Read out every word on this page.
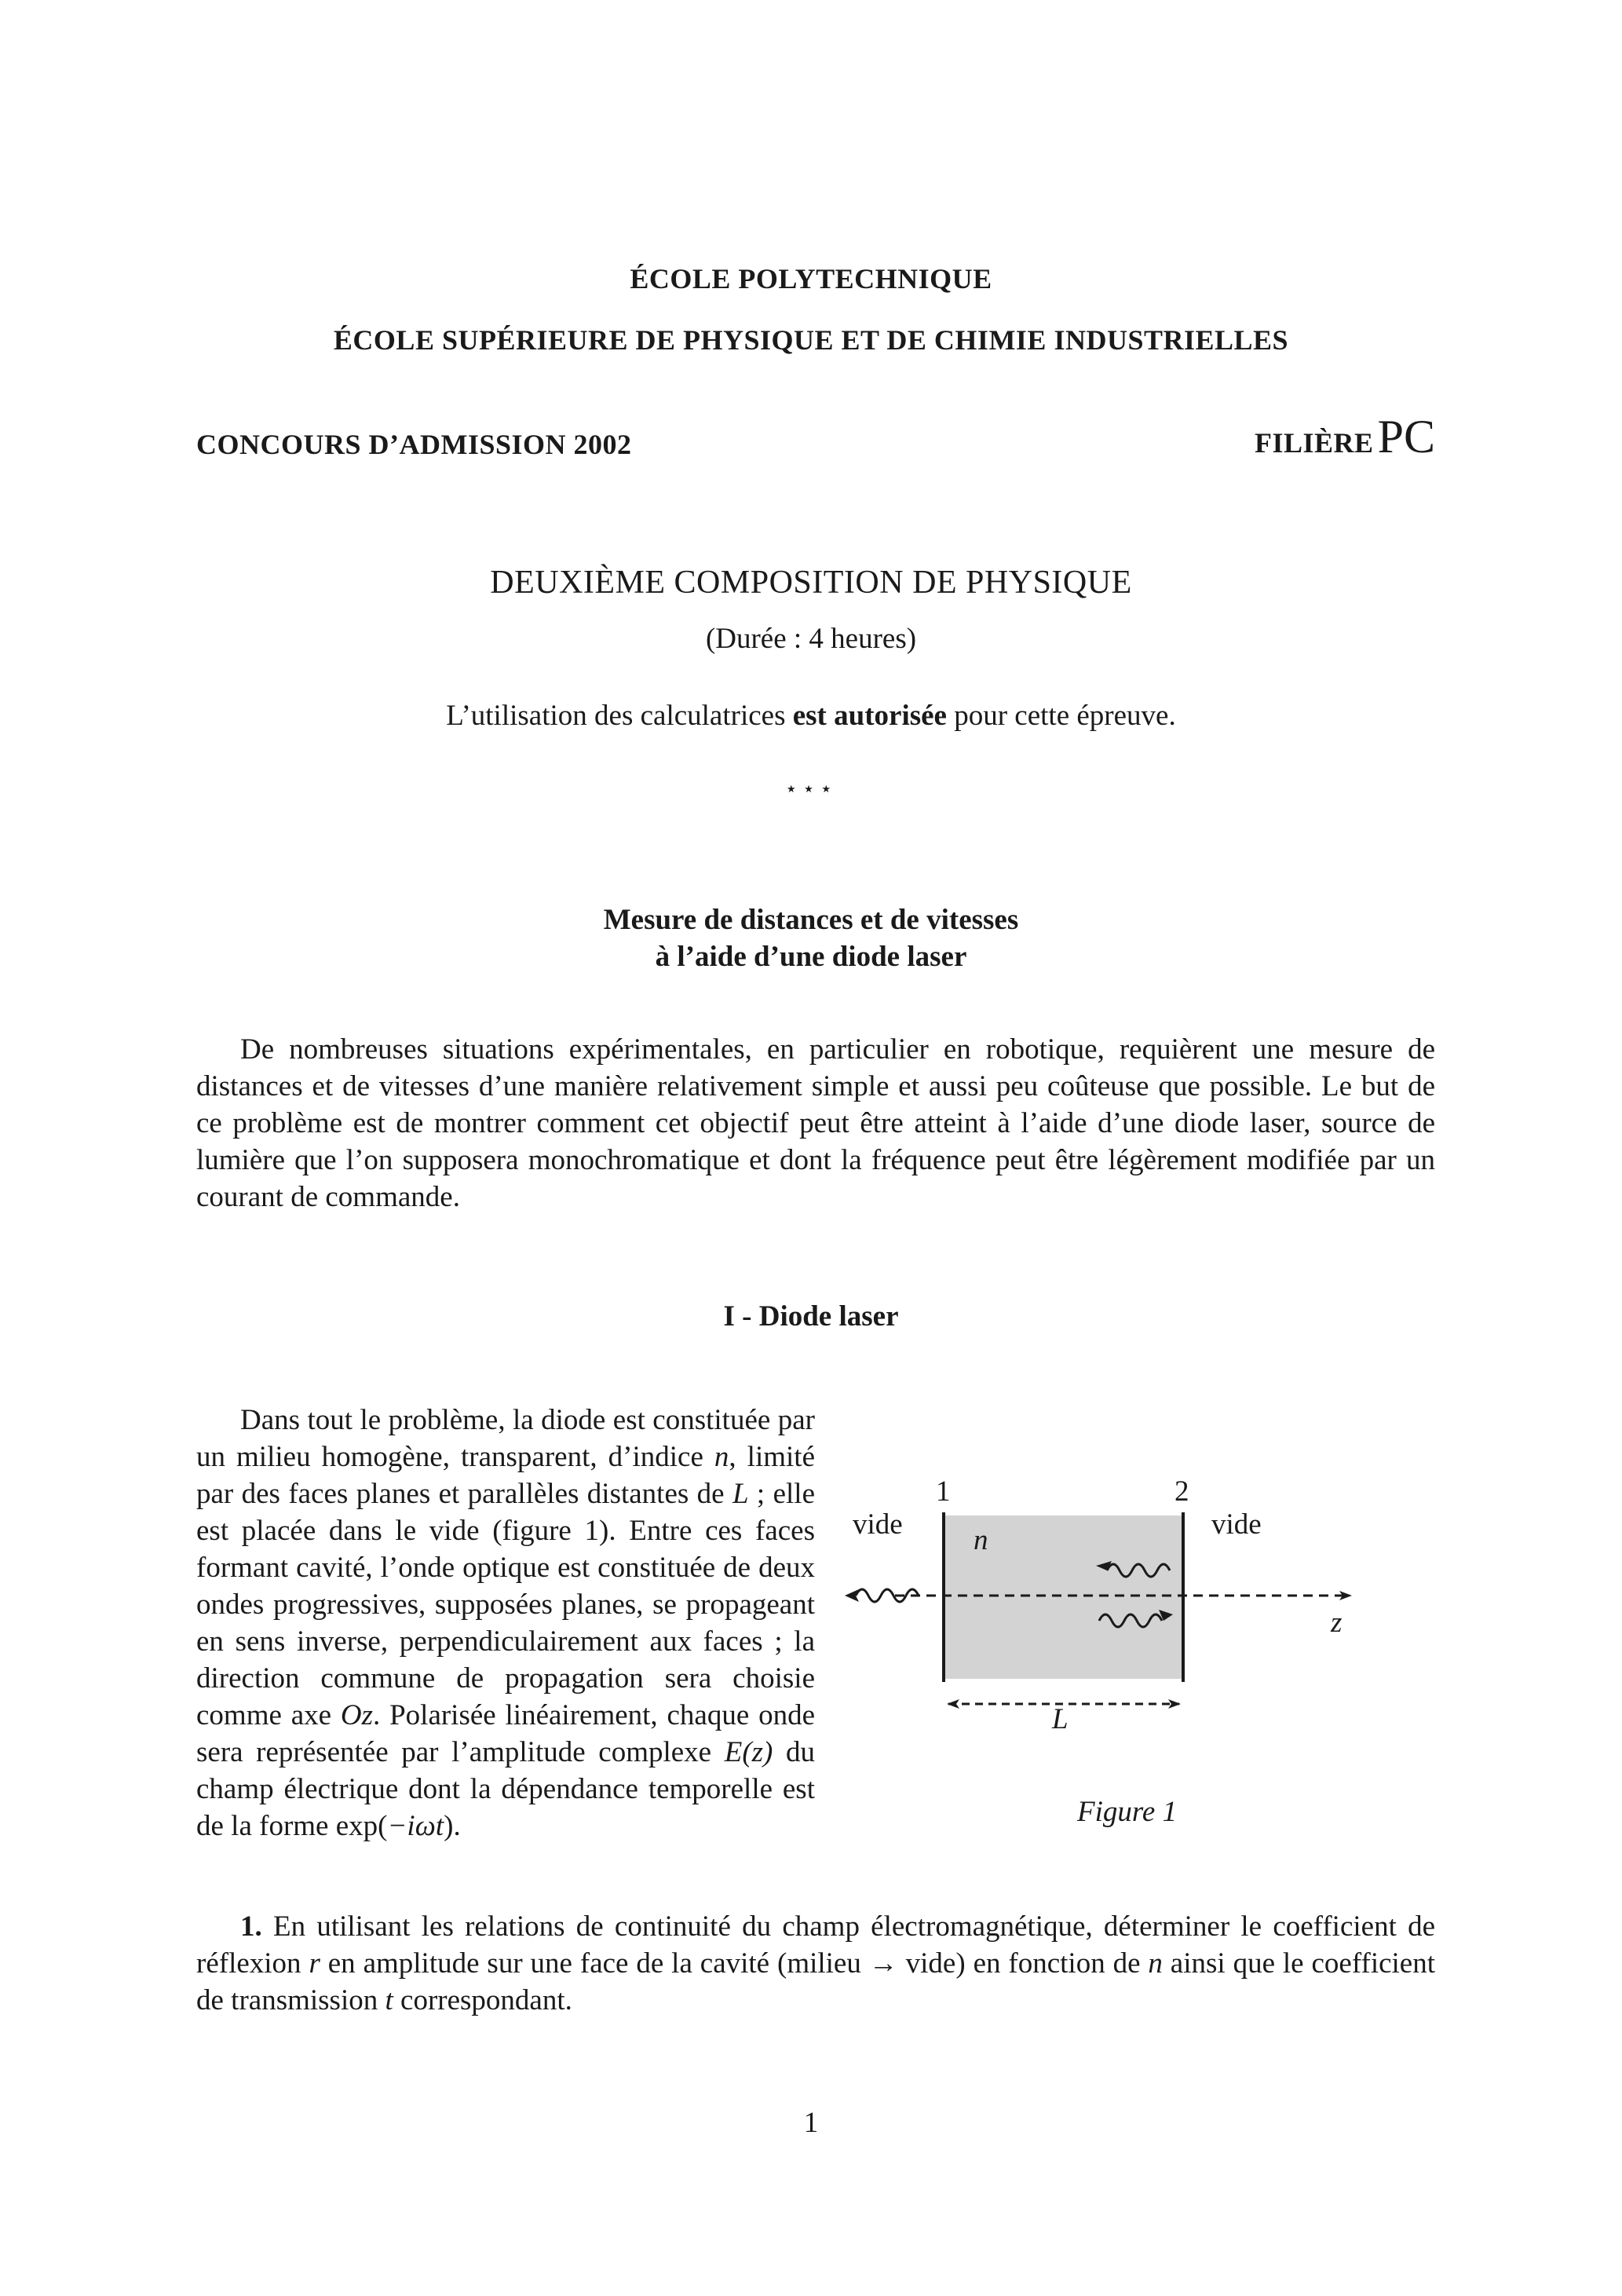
ÉCOLE POLYTECHNIQUE
ÉCOLE SUPÉRIEURE DE PHYSIQUE ET DE CHIMIE INDUSTRIELLES
CONCOURS D’ADMISSION 2002	FILIÈRE PC
DEUXIÈME COMPOSITION DE PHYSIQUE
(Durée : 4 heures)
L’utilisation des calculatrices est autorisée pour cette épreuve.
⋆⋆⋆
Mesure de distances et de vitesses
à l’aide d’une diode laser

De nombreuses situations expérimentales, en particulier en robotique, requièrent une mesure de distances et de vitesses d’une manière relativement simple et aussi peu coûteuse que possible. Le but de ce problème est de montrer comment cet objectif peut être atteint à l’aide d’une diode laser, source de lumière que l’on supposera monochromatique et dont la fréquence peut être légèrement modifiée par un courant de commande.

I - Diode laser

Dans tout le problème, la diode est constituée par un milieu homogène, transparent, d’indice n, limité par des faces planes et parallèles distantes de L ; elle est placée dans le vide (figure 1). Entre ces faces formant cavité, l’onde optique est constituée de deux ondes progressives, supposées planes, se propageant en sens inverse, perpendiculairement aux faces ; la direction commune de propagation sera choisie comme axe Oz. Polarisée linéairement, chaque onde sera représentée par l’amplitude complexe E(z) du champ électrique dont la dépendance temporelle est de la forme exp(−iωt).

1	2
vide	vide
n
z
L
Figure 1

1. En utilisant les relations de continuité du champ électromagnétique, déterminer le coefficient de réflexion r en amplitude sur une face de la cavité (milieu → vide) en fonction de n ainsi que le coefficient de transmission t correspondant.

1
